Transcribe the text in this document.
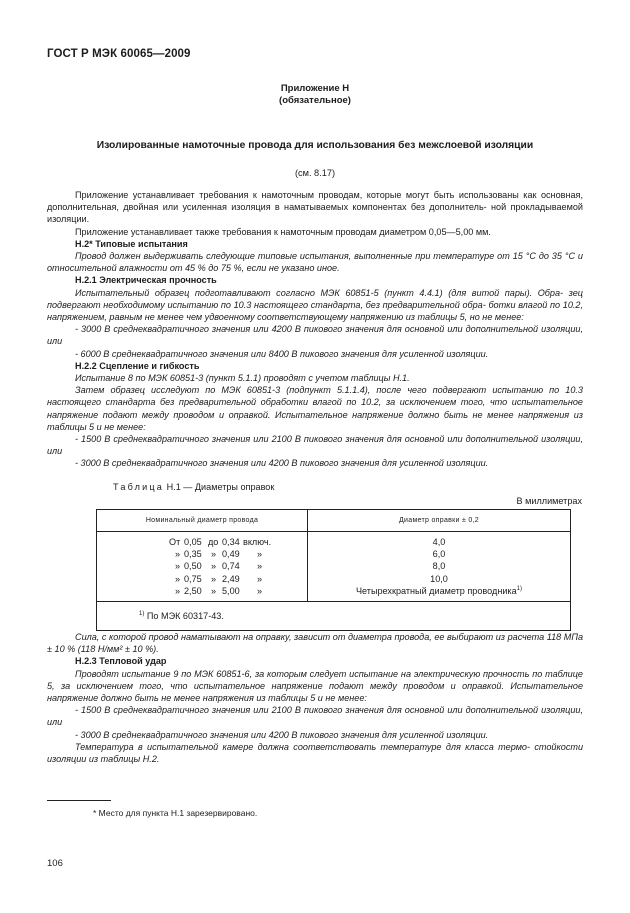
ГОСТ Р МЭК 60065—2009
Приложение Н
(обязательное)
Изолированные намоточные провода для использования без межслоевой изоляции
(см. 8.17)

Приложение устанавливает требования к намоточным проводам, которые могут быть использованы как основная, дополнительная, двойная или усиленная изоляция в наматываемых компонентах без дополнитель- ной прокладываемой изоляции.

Приложение устанавливает также требования к намоточным проводам диаметром 0,05—5,00 мм.

Н.2* Типовые испытания

Провод должен выдерживать следующие типовые испытания, выполненные при температуре от 15 °С до 35 °С и относительной влажности от 45 % до 75 %, если не указано иное.

Н.2.1 Электрическая прочность

Испытательный образец подготавливают согласно МЭК 60851-5 (пункт 4.4.1) (для витой пары). Обра- зец подвергают необходимому испытанию по 10.3 настоящего стандарта, без предварительной обра- ботки влагой по 10.2, напряжением, равным не менее чем удвоенному соответствующему напряжению из таблицы 5, но не менее:

- 3000 В среднеквадратичного значения или 4200 В пикового значения для основной или дополнительной изоляции, или

- 6000 В среднеквадратичного значения или 8400 В пикового значения для усиленной изоляции.

Н.2.2 Сцепление и гибкость

Испытание 8 по МЭК 60851-3 (пункт 5.1.1) проводят с учетом таблицы Н.1.

Затем образец исследуют по МЭК 60851-3 (подпункт 5.1.1.4), после чего подвергают испытанию по 10.3 настоящего стандарта без предварительной обработки влагой по 10.2, за исключением того, что испытательное напряжение подают между проводом и оправкой. Испытательное напряжение должно быть не менее напряжения из таблицы 5 и не менее:

- 1500 В среднеквадратичного значения или 2100 В пикового значения для основной или дополнительной изоляции, или

- 3000 В среднеквадратичного значения или 4200 В пикового значения для усиленной изоляции.

Таблица Н.1 — Диаметры оправок
В миллиметрах
Номинальный диаметр провода	Диаметр оправки ± 0,2
От 0,05 до 0,34 включ.
» 0,35 » 0,49 »
» 0,50 » 0,74 »
» 0,75 » 2,49 »
» 2,50 » 5,00 »
4,0
6,0
8,0
10,0
Четырехкратный диаметр проводника$^{1)}$
$^{1)}$ По МЭК 60317-43.

Сила, с которой провод наматывают на оправку, зависит от диаметра провода, ее выбирают из расчета 118 МПа ± 10 % (118 Н/мм² ± 10 %).

Н.2.3 Тепловой удар

Проводят испытание 9 по МЭК 60851-6, за которым следует испытание на электрическую прочность по таблице 5, за исключением того, что испытательное напряжение подают между проводом и оправкой. Испытательное напряжение должно быть не менее напряжения из таблицы 5 и не менее:

- 1500 В среднеквадратичного значения или 2100 В пикового значения для основной или дополнительной изоляции, или

- 3000 В среднеквадратичного значения или 4200 В пикового значения для усиленной изоляции.

Температура в испытательной камере должна соответствовать температуре для класса термо- стойкости изоляции из таблицы Н.2.

* Место для пункта Н.1 зарезервировано.
106
